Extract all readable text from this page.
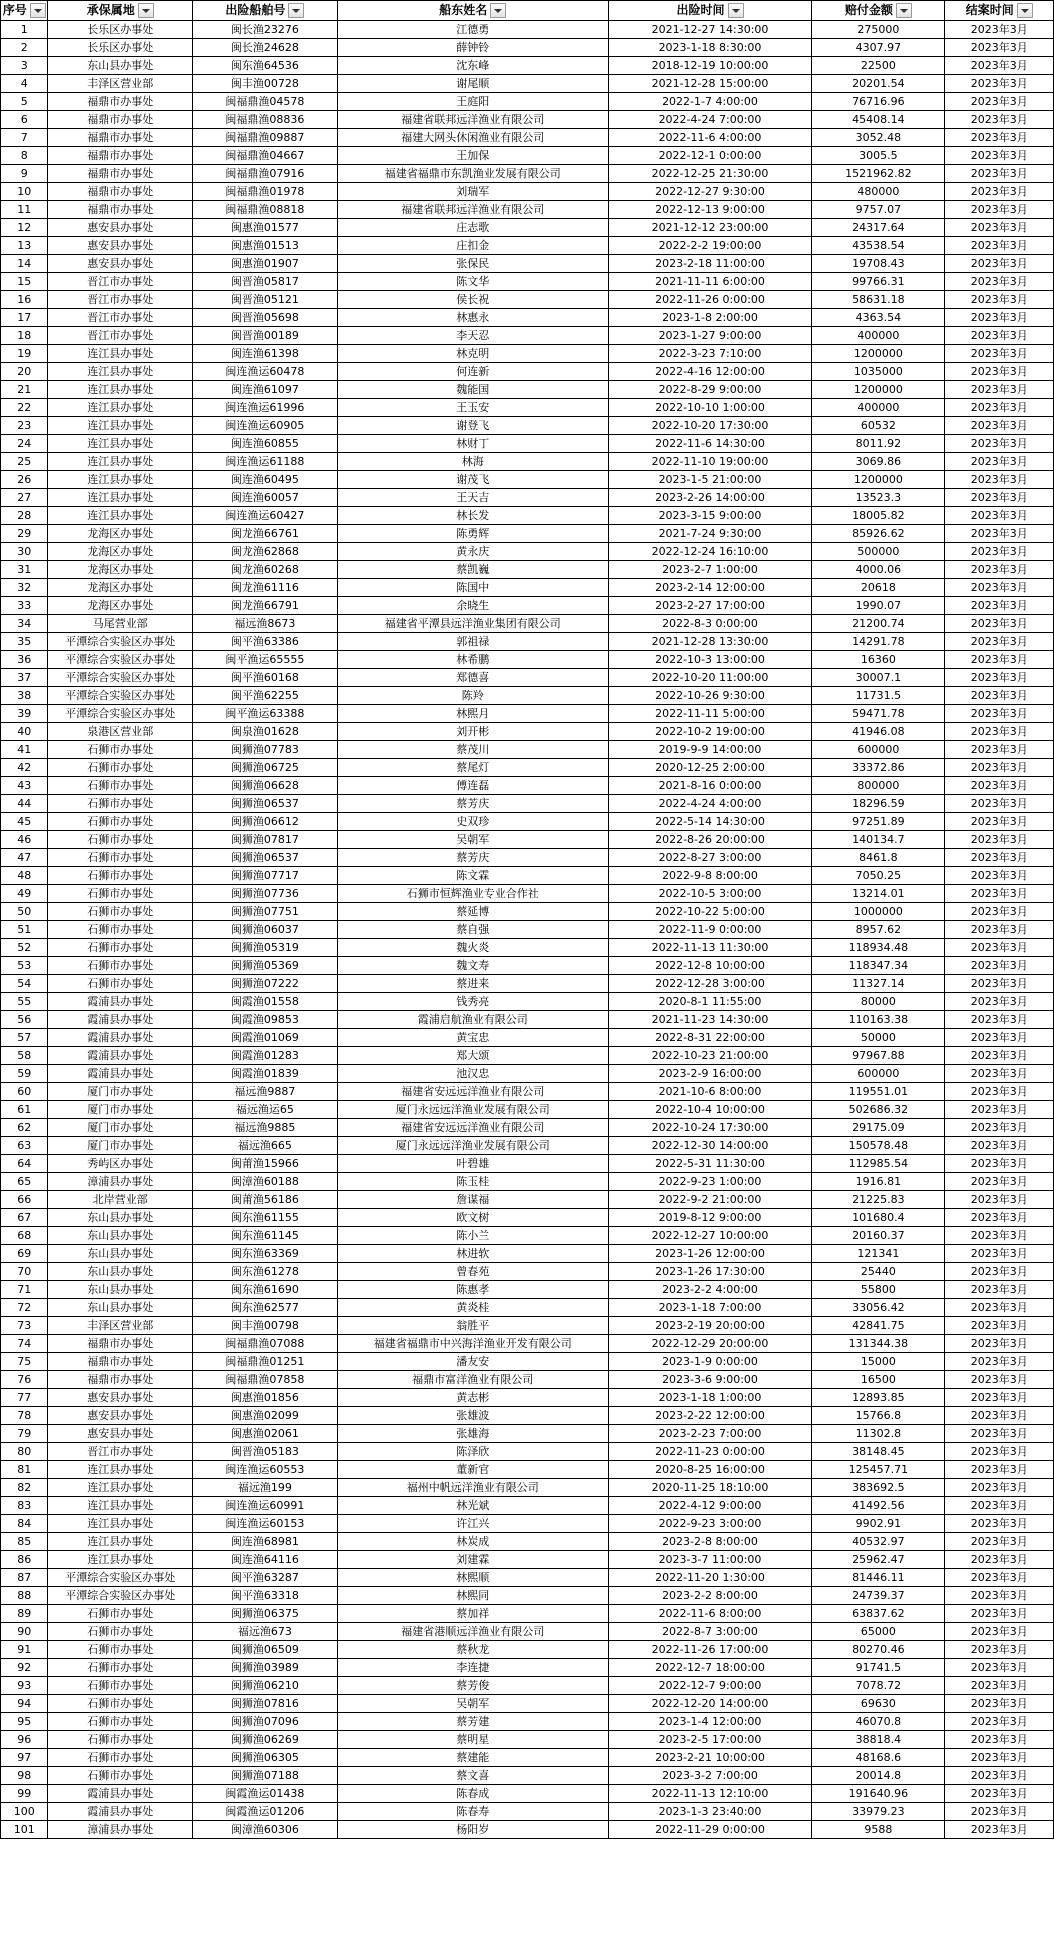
序号	承保属地	出险船舶号	船东姓名	出险时间	赔付金额	结案时间

1	长乐区办事处	闽长渔23276	江德勇	2021-12-27 14:30:00	275000	2023年3月
2	长乐区办事处	闽长渔24628	薛钟铃	2023-1-18 8:30:00	4307.97	2023年3月
3	东山县办事处	闽东渔64536	沈东峰	2018-12-19 10:00:00	22500	2023年3月
4	丰泽区营业部	闽丰渔00728	谢尾顺	2021-12-28 15:00:00	20201.54	2023年3月
5	福鼎市办事处	闽福鼎渔04578	王庭阳	2022-1-7 4:00:00	76716.96	2023年3月
6	福鼎市办事处	闽福鼎渔08836	福建省联邦远洋渔业有限公司	2022-4-24 7:00:00	45408.14	2023年3月
7	福鼎市办事处	闽福鼎渔09887	福建大网头休闲渔业有限公司	2022-11-6 4:00:00	3052.48	2023年3月
8	福鼎市办事处	闽福鼎渔04667	王加保	2022-12-1 0:00:00	3005.5	2023年3月
9	福鼎市办事处	闽福鼎渔07916	福建省福鼎市东凯渔业发展有限公司	2022-12-25 21:30:00	1521962.82	2023年3月
10	福鼎市办事处	闽福鼎渔01978	刘瑞军	2022-12-27 9:30:00	480000	2023年3月
11	福鼎市办事处	闽福鼎渔08818	福建省联邦远洋渔业有限公司	2022-12-13 9:00:00	9757.07	2023年3月
12	惠安县办事处	闽惠渔01577	庄志歌	2021-12-12 23:00:00	24317.64	2023年3月
13	惠安县办事处	闽惠渔01513	庄扣金	2022-2-2 19:00:00	43538.54	2023年3月
14	惠安县办事处	闽惠渔01907	张保民	2023-2-18 11:00:00	19708.43	2023年3月
15	晋江市办事处	闽晋渔05817	陈文华	2021-11-11 6:00:00	99766.31	2023年3月
16	晋江市办事处	闽晋渔05121	侯长祝	2022-11-26 0:00:00	58631.18	2023年3月
17	晋江市办事处	闽晋渔05698	林惠永	2023-1-8 2:00:00	4363.54	2023年3月
18	晋江市办事处	闽晋渔00189	李天忍	2023-1-27 9:00:00	400000	2023年3月
19	连江县办事处	闽连渔61398	林克明	2022-3-23 7:10:00	1200000	2023年3月
20	连江县办事处	闽连渔运60478	何连新	2022-4-16 12:00:00	1035000	2023年3月
21	连江县办事处	闽连渔61097	魏能国	2022-8-29 9:00:00	1200000	2023年3月
22	连江县办事处	闽连渔运61996	王玉安	2022-10-10 1:00:00	400000	2023年3月
23	连江县办事处	闽连渔运60905	谢登飞	2022-10-20 17:30:00	60532	2023年3月
24	连江县办事处	闽连渔60855	林财丁	2022-11-6 14:30:00	8011.92	2023年3月
25	连江县办事处	闽连渔运61188	林海	2022-11-10 19:00:00	3069.86	2023年3月
26	连江县办事处	闽连渔60495	谢茂飞	2023-1-5 21:00:00	1200000	2023年3月
27	连江县办事处	闽连渔60057	王天吉	2023-2-26 14:00:00	13523.3	2023年3月
28	连江县办事处	闽连渔运60427	林长发	2023-3-15 9:00:00	18005.82	2023年3月
29	龙海区办事处	闽龙渔66761	陈勇辉	2021-7-24 9:30:00	85926.62	2023年3月
30	龙海区办事处	闽龙渔62868	黄永庆	2022-12-24 16:10:00	500000	2023年3月
31	龙海区办事处	闽龙渔60268	蔡凯巍	2023-2-7 1:00:00	4000.06	2023年3月
32	龙海区办事处	闽龙渔61116	陈国中	2023-2-14 12:00:00	20618	2023年3月
33	龙海区办事处	闽龙渔66791	余晓生	2023-2-27 17:00:00	1990.07	2023年3月
34	马尾营业部	福远渔8673	福建省平潭县远洋渔业集团有限公司	2022-8-3 0:00:00	21200.74	2023年3月
35	平潭综合实验区办事处	闽平渔63386	郭祖禄	2021-12-28 13:30:00	14291.78	2023年3月
36	平潭综合实验区办事处	闽平渔运65555	林希鹏	2022-10-3 13:00:00	16360	2023年3月
37	平潭综合实验区办事处	闽平渔60168	郑德喜	2022-10-20 11:00:00	30007.1	2023年3月
38	平潭综合实验区办事处	闽平渔62255	陈羚	2022-10-26 9:30:00	11731.5	2023年3月
39	平潭综合实验区办事处	闽平渔运63388	林熙月	2022-11-11 5:00:00	59471.78	2023年3月
40	泉港区营业部	闽泉渔01628	刘开彬	2022-10-2 19:00:00	41946.08	2023年3月
41	石狮市办事处	闽狮渔07783	蔡茂川	2019-9-9 14:00:00	600000	2023年3月
42	石狮市办事处	闽狮渔06725	蔡尾灯	2020-12-25 2:00:00	33372.86	2023年3月
43	石狮市办事处	闽狮渔06628	傅连磊	2021-8-16 0:00:00	800000	2023年3月
44	石狮市办事处	闽狮渔06537	蔡芳庆	2022-4-24 4:00:00	18296.59	2023年3月
45	石狮市办事处	闽狮渔06612	史双珍	2022-5-14 14:30:00	97251.89	2023年3月
46	石狮市办事处	闽狮渔07817	吴朝军	2022-8-26 20:00:00	140134.7	2023年3月
47	石狮市办事处	闽狮渔06537	蔡芳庆	2022-8-27 3:00:00	8461.8	2023年3月
48	石狮市办事处	闽狮渔07717	陈文霖	2022-9-8 8:00:00	7050.25	2023年3月
49	石狮市办事处	闽狮渔07736	石狮市恒辉渔业专业合作社	2022-10-5 3:00:00	13214.01	2023年3月
50	石狮市办事处	闽狮渔07751	蔡延博	2022-10-22 5:00:00	1000000	2023年3月
51	石狮市办事处	闽狮渔06037	蔡自强	2022-11-9 0:00:00	8957.62	2023年3月
52	石狮市办事处	闽狮渔05319	魏火炎	2022-11-13 11:30:00	118934.48	2023年3月
53	石狮市办事处	闽狮渔05369	魏文寿	2022-12-8 10:00:00	118347.34	2023年3月
54	石狮市办事处	闽狮渔07222	蔡进来	2022-12-28 3:00:00	11327.14	2023年3月
55	霞浦县办事处	闽霞渔01558	钱秀亮	2020-8-1 11:55:00	80000	2023年3月
56	霞浦县办事处	闽霞渔09853	霞浦启航渔业有限公司	2021-11-23 14:30:00	110163.38	2023年3月
57	霞浦县办事处	闽霞渔01069	黄宝忠	2022-8-31 22:00:00	50000	2023年3月
58	霞浦县办事处	闽霞渔01283	郑大颂	2022-10-23 21:00:00	97967.88	2023年3月
59	霞浦县办事处	闽霞渔01839	池汉忠	2023-2-9 16:00:00	600000	2023年3月
60	厦门市办事处	福远渔9887	福建省安远远洋渔业有限公司	2021-10-6 8:00:00	119551.01	2023年3月
61	厦门市办事处	福远渔运65	厦门永远远洋渔业发展有限公司	2022-10-4 10:00:00	502686.32	2023年3月
62	厦门市办事处	福远渔9885	福建省安远远洋渔业有限公司	2022-10-24 17:30:00	29175.09	2023年3月
63	厦门市办事处	福远渔665	厦门永远远洋渔业发展有限公司	2022-12-30 14:00:00	150578.48	2023年3月
64	秀屿区办事处	闽莆渔15966	叶碧雄	2022-5-31 11:30:00	112985.54	2023年3月
65	漳浦县办事处	闽漳渔60188	陈玉桂	2022-9-23 1:00:00	1916.81	2023年3月
66	北岸营业部	闽莆渔56186	詹谋福	2022-9-2 21:00:00	21225.83	2023年3月
67	东山县办事处	闽东渔61155	欧文树	2019-8-12 9:00:00	101680.4	2023年3月
68	东山县办事处	闽东渔61145	陈小兰	2022-12-27 10:00:00	20160.37	2023年3月
69	东山县办事处	闽东渔63369	林进软	2023-1-26 12:00:00	121341	2023年3月
70	东山县办事处	闽东渔61278	曾春苑	2023-1-26 17:30:00	25440	2023年3月
71	东山县办事处	闽东渔61690	陈惠孝	2023-2-2 4:00:00	55800	2023年3月
72	东山县办事处	闽东渔62577	黄炎桂	2023-1-18 7:00:00	33056.42	2023年3月
73	丰泽区营业部	闽丰渔00798	翁胜平	2023-2-19 20:00:00	42841.75	2023年3月
74	福鼎市办事处	闽福鼎渔07088	福建省福鼎市中兴海洋渔业开发有限公司	2022-12-29 20:00:00	131344.38	2023年3月
75	福鼎市办事处	闽福鼎渔01251	潘友安	2023-1-9 0:00:00	15000	2023年3月
76	福鼎市办事处	闽福鼎渔07858	福鼎市富洋渔业有限公司	2023-3-6 9:00:00	16500	2023年3月
77	惠安县办事处	闽惠渔01856	黄志彬	2023-1-18 1:00:00	12893.85	2023年3月
78	惠安县办事处	闽惠渔02099	张雄波	2023-2-22 12:00:00	15766.8	2023年3月
79	惠安县办事处	闽惠渔02061	张雄海	2023-2-23 7:00:00	11302.8	2023年3月
80	晋江市办事处	闽晋渔05183	陈泽欣	2022-11-23 0:00:00	38148.45	2023年3月
81	连江县办事处	闽连渔运60553	董新官	2020-8-25 16:00:00	125457.71	2023年3月
82	连江县办事处	福远渔199	福州中帆远洋渔业有限公司	2020-11-25 18:10:00	383692.5	2023年3月
83	连江县办事处	闽连渔运60991	林光斌	2022-4-12 9:00:00	41492.56	2023年3月
84	连江县办事处	闽连渔运60153	许江兴	2022-9-23 3:00:00	9902.91	2023年3月
85	连江县办事处	闽连渔68981	林炭成	2023-2-8 8:00:00	40532.97	2023年3月
86	连江县办事处	闽连渔64116	刘建霖	2023-3-7 11:00:00	25962.47	2023年3月
87	平潭综合实验区办事处	闽平渔63287	林熙顺	2022-11-20 1:30:00	81446.11	2023年3月
88	平潭综合实验区办事处	闽平渔63318	林熙同	2023-2-2 8:00:00	24739.37	2023年3月
89	石狮市办事处	闽狮渔06375	蔡加祥	2022-11-6 8:00:00	63837.62	2023年3月
90	石狮市办事处	福远渔673	福建省港顺远洋渔业有限公司	2022-8-7 3:00:00	65000	2023年3月
91	石狮市办事处	闽狮渔06509	蔡秋龙	2022-11-26 17:00:00	80270.46	2023年3月
92	石狮市办事处	闽狮渔03989	李连捷	2022-12-7 18:00:00	91741.5	2023年3月
93	石狮市办事处	闽狮渔06210	蔡芳俊	2022-12-7 9:00:00	7078.72	2023年3月
94	石狮市办事处	闽狮渔07816	吴朝军	2022-12-20 14:00:00	69630	2023年3月
95	石狮市办事处	闽狮渔07096	蔡芳建	2023-1-4 12:00:00	46070.8	2023年3月
96	石狮市办事处	闽狮渔06269	蔡明星	2023-2-5 17:00:00	38818.4	2023年3月
97	石狮市办事处	闽狮渔06305	蔡建能	2023-2-21 10:00:00	48168.6	2023年3月
98	石狮市办事处	闽狮渔07188	蔡文喜	2023-3-2 7:00:00	20014.8	2023年3月
99	霞浦县办事处	闽霞渔运01438	陈春成	2022-11-13 12:10:00	191640.96	2023年3月
100	霞浦县办事处	闽霞渔运01206	陈春寿	2023-1-3 23:40:00	33979.23	2023年3月
101	漳浦县办事处	闽漳渔60306	杨阳岁	2022-11-29 0:00:00	9588	2023年3月
